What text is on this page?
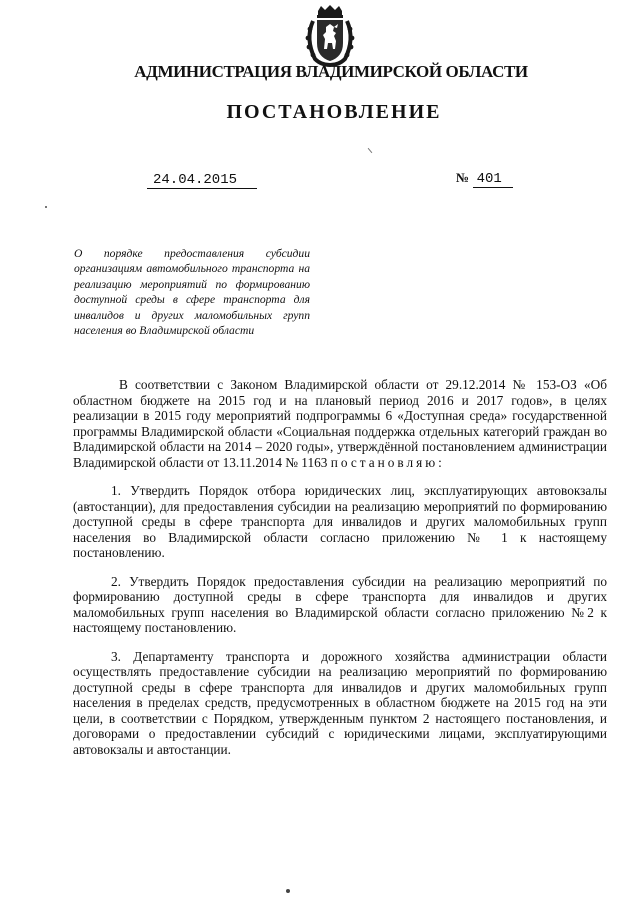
АДМИНИСТРАЦИЯ ВЛАДИМИРСКОЙ ОБЛАСТИ
ПОСТАНОВЛЕНИЕ
24.04.2015	№ 401
О порядке предоставления субсидии организациям автомобильного транспорта на реализацию мероприятий по формированию доступной среды в сфере транспорта для инвалидов и других маломобильных групп населения во Владимирской области

В соответствии с Законом Владимирской области от 29.12.2014 № 153-ОЗ «Об областном бюджете на 2015 год и на плановый период 2016 и 2017 годов», в целях реализации в 2015 году мероприятий подпрограммы 6 «Доступная среда» государственной программы Владимирской области «Социальная поддержка отдельных категорий граждан во Владимирской области на 2014 – 2020 годы», утверждённой постановлением администрации Владимирской области от 13.11.2014 № 1163 постановляю:

1. Утвердить Порядок отбора юридических лиц, эксплуатирующих автовокзалы (автостанции), для предоставления субсидии на реализацию мероприятий по формированию доступной среды в сфере транспорта для инвалидов и других маломобильных групп населения во Владимирской области согласно приложению № 1 к настоящему постановлению.

2. Утвердить Порядок предоставления субсидии на реализацию мероприятий по формированию доступной среды в сфере транспорта для инвалидов и других маломобильных групп населения во Владимирской области согласно приложению №2 к настоящему постановлению.

3. Департаменту транспорта и дорожного хозяйства администрации области осуществлять предоставление субсидии на реализацию мероприятий по формированию доступной среды в сфере транспорта для инвалидов и других маломобильных групп населения в пределах средств, предусмотренных в областном бюджете на 2015 год на эти цели, в соответствии с Порядком, утвержденным пунктом 2 настоящего постановления, и договорами о предоставлении субсидий с юридическими лицами, эксплуатирующими автовокзалы и автостанции.
